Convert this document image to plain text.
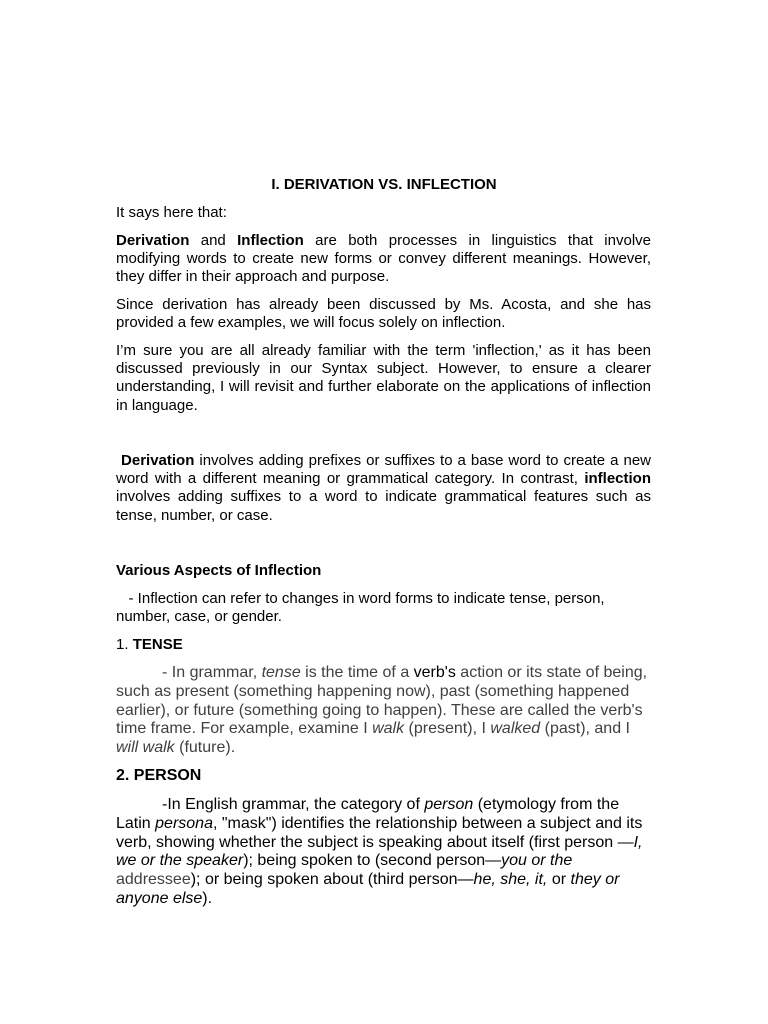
I. DERIVATION VS. INFLECTION

It says here that:

Derivation and Inflection are both processes in linguistics that involve modifying words to create new forms or convey different meanings. However, they differ in their approach and purpose.

Since derivation has already been discussed by Ms. Acosta, and she has provided a few examples, we will focus solely on inflection.

I’m sure you are all already familiar with the term 'inflection,' as it has been discussed previously in our Syntax subject. However, to ensure a clearer understanding, I will revisit and further elaborate on the applications of inflection in language.

Derivation involves adding prefixes or suffixes to a base word to create a new word with a different meaning or grammatical category. In contrast, inflection involves adding suffixes to a word to indicate grammatical features such as tense, number, or case.

Various Aspects of Inflection

- Inflection can refer to changes in word forms to indicate tense, person, number, case, or gender.

1. TENSE

- In grammar, tense is the time of a verb's action or its state of being, such as present (something happening now), past (something happened earlier), or future (something going to happen). These are called the verb's time frame. For example, examine I walk (present), I walked (past), and I will walk (future).

2. PERSON

-In English grammar, the category of person (etymology from the Latin persona, "mask") identifies the relationship between a subject and its verb, showing whether the subject is speaking about itself (first person —I, we or the speaker); being spoken to (second person—you or the addressee); or being spoken about (third person—he, she, it, or they or anyone else).
